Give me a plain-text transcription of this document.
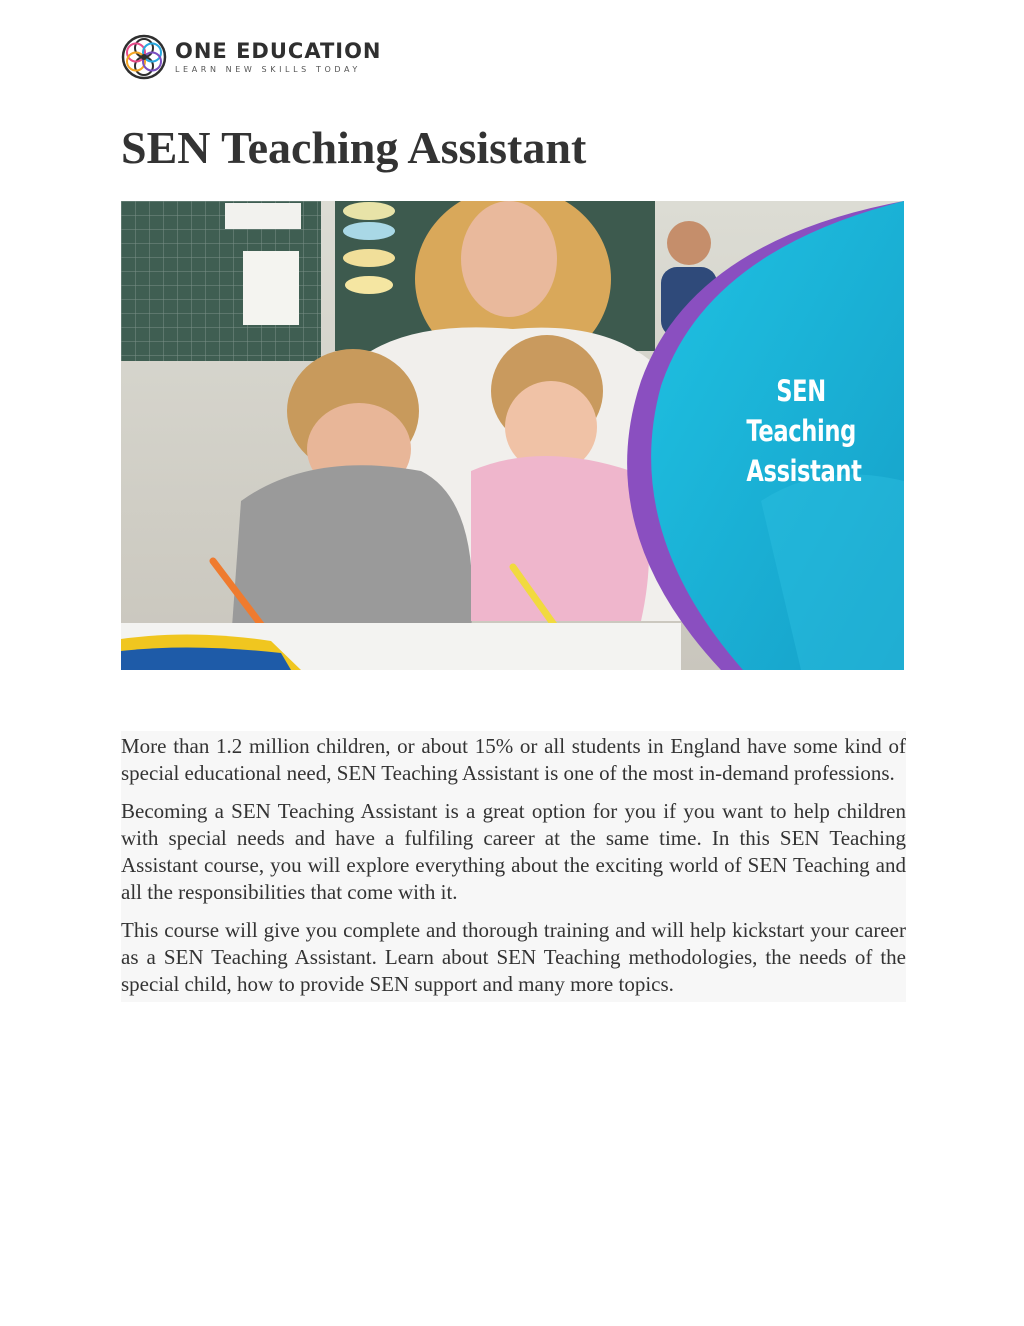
ONE EDUCATION
LEARN NEW SKILLS TODAY
SEN Teaching Assistant
SEN
Teaching
Assistant

More than 1.2 million children, or about 15% or all students in England have some kind of special educational need, SEN Teaching Assistant is one of the most in-demand professions.

Becoming a SEN Teaching Assistant is a great option for you if you want to help children with special needs and have a fulfiling career at the same time. In this SEN Teaching Assistant course, you will explore everything about the exciting world of SEN Teaching and all the responsibilities that come with it.

This course will give you complete and thorough training and will help kickstart your career as a SEN Teaching Assistant. Learn about SEN Teaching methodologies, the needs of the special child, how to provide SEN support and many more topics.
